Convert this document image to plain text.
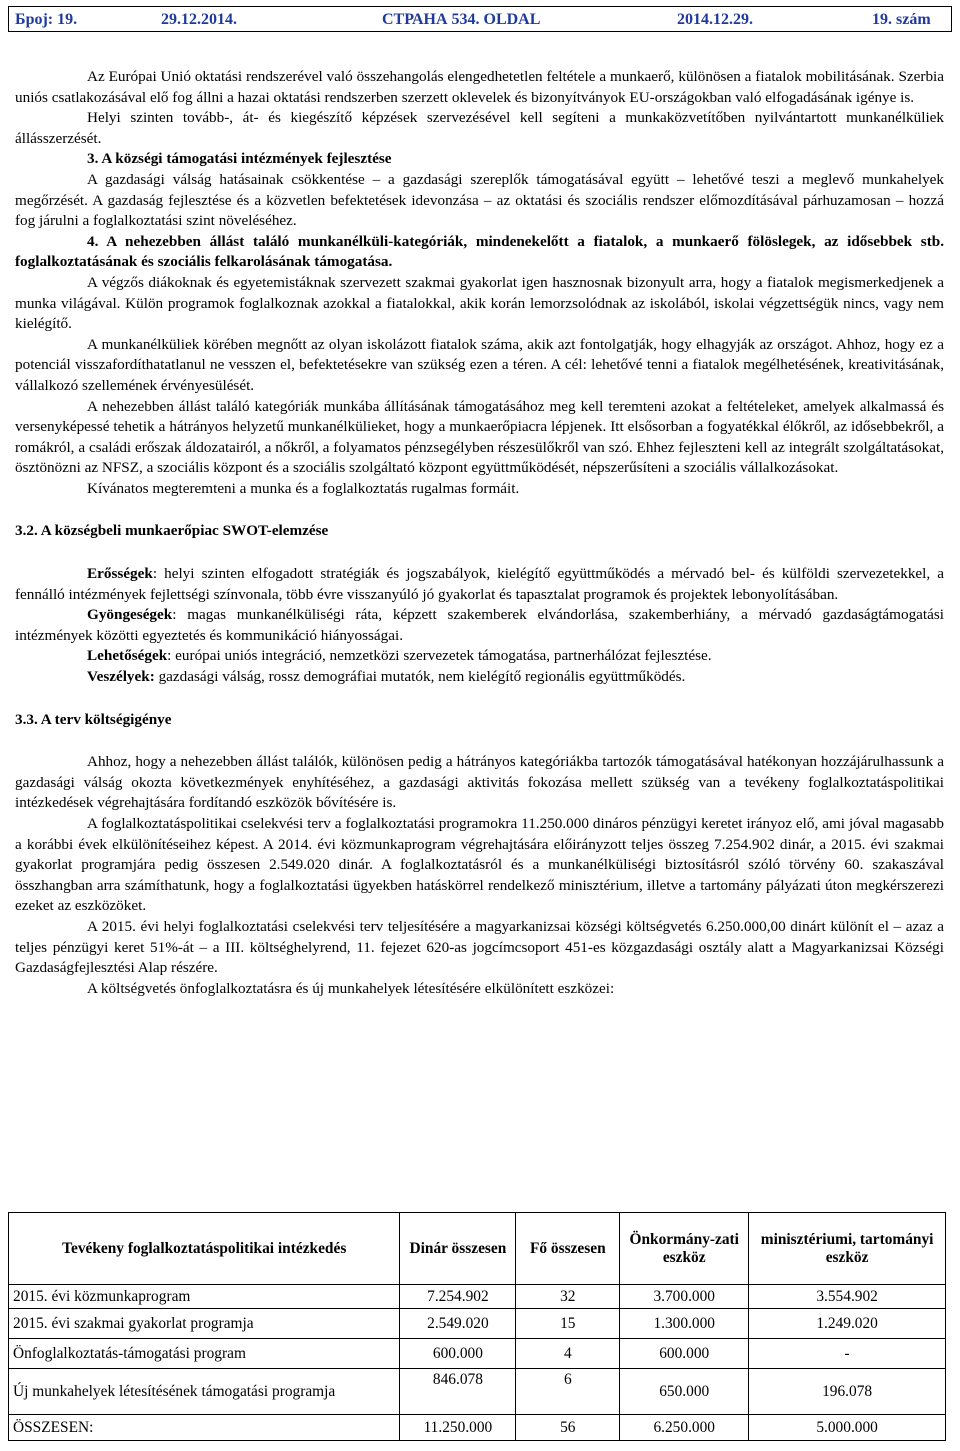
Број: 19.	29.12.2014.	СТРАНА 534. OLDAL	2014.12.29.	19. szám

Az Európai Unió oktatási rendszerével való összehangolás elengedhetetlen feltétele a munkaerő, különösen a fiatalok mobilitásának. Szerbia uniós csatlakozásával elő fog állni a hazai oktatási rendszerben szerzett oklevelek és bizonyítványok EU-országokban való elfogadásának igénye is.

Helyi szinten tovább-, át- és kiegészítő képzések szervezésével kell segíteni a munkaközvetítőben nyilvántartott munkanélküliek állásszerzését.

3. A községi támogatási intézmények fejlesztése

A gazdasági válság hatásainak csökkentése – a gazdasági szereplők támogatásával együtt – lehetővé teszi a meglevő munkahelyek megőrzését. A gazdaság fejlesztése és a közvetlen befektetések idevonzása – az oktatási és szociális rendszer előmozdításával párhuzamosan – hozzá fog járulni a foglalkoztatási szint növeléséhez.

4. A nehezebben állást találó munkanélküli-kategóriák, mindenekelőtt a fiatalok, a munkaerő fölöslegek, az idősebbek stb. foglalkoztatásának és szociális felkarolásának támogatása.

A végzős diákoknak és egyetemistáknak szervezett szakmai gyakorlat igen hasznosnak bizonyult arra, hogy a fiatalok megismerkedjenek a munka világával. Külön programok foglalkoznak azokkal a fiatalokkal, akik korán lemorzsolódnak az iskolából, iskolai végzettségük nincs, vagy nem kielégítő.

A munkanélküliek körében megnőtt az olyan iskolázott fiatalok száma, akik azt fontolgatják, hogy elhagyják az országot. Ahhoz, hogy ez a potenciál visszafordíthatatlanul ne vesszen el, befektetésekre van szükség ezen a téren. A cél: lehetővé tenni a fiatalok megélhetésének, kreativitásának, vállalkozó szellemének érvényesülését.

A nehezebben állást találó kategóriák munkába állításának támogatásához meg kell teremteni azokat a feltételeket, amelyek alkalmassá és versenyképessé tehetik a hátrányos helyzetű munkanélkülieket, hogy a munkaerőpiacra lépjenek. Itt elsősorban a fogyatékkal élőkről, az idősebbekről, a romákról, a családi erőszak áldozatairól, a nőkről, a folyamatos pénzsegélyben részesülőkről van szó. Ehhez fejleszteni kell az integrált szolgáltatásokat, ösztönözni az NFSZ, a szociális központ és a szociális szolgáltató központ együttműködését, népszerűsíteni a szociális vállalkozásokat.

Kívánatos megteremteni a munka és a foglalkoztatás rugalmas formáit.

3.2. A községbeli munkaerőpiac SWOT-elemzése

Erősségek: helyi szinten elfogadott stratégiák és jogszabályok, kielégítő együttműködés a mérvadó bel- és külföldi szervezetekkel, a fennálló intézmények fejlettségi színvonala, több évre visszanyúló jó gyakorlat és tapasztalat programok és projektek lebonyolításában.

Gyöngeségek: magas munkanélküliségi ráta, képzett szakemberek elvándorlása, szakemberhiány, a mérvadó gazdaságtámogatási intézmények közötti egyeztetés és kommunikáció hiányosságai.

Lehetőségek: európai uniós integráció, nemzetközi szervezetek támogatása, partnerhálózat fejlesztése.

Veszélyek: gazdasági válság, rossz demográfiai mutatók, nem kielégítő regionális együttműködés.

3.3. A terv költségigénye

Ahhoz, hogy a nehezebben állást találók, különösen pedig a hátrányos kategóriákba tartozók támogatásával hatékonyan hozzájárulhassunk a gazdasági válság okozta következmények enyhítéséhez, a gazdasági aktivitás fokozása mellett szükség van a tevékeny foglalkoztatáspolitikai intézkedések végrehajtására fordítandó eszközök bővítésére is.

A foglalkoztatáspolitikai cselekvési terv a foglalkoztatási programokra 11.250.000 dináros pénzügyi keretet irányoz elő, ami jóval magasabb a korábbi évek elkülönítéseihez képest. A 2014. évi közmunkaprogram végrehajtására előirányzott teljes összeg 7.254.902 dinár, a 2015. évi szakmai gyakorlat programjára pedig összesen 2.549.020 dinár. A foglalkoztatásról és a munkanélküliségi biztosításról szóló törvény 60. szakaszával összhangban arra számíthatunk, hogy a foglalkoztatási ügyekben hatáskörrel rendelkező minisztérium, illetve a tartomány pályázati úton megkérszerezi ezeket az eszközöket.

A 2015. évi helyi foglalkoztatási cselekvési terv teljesítésére a magyarkanizsai községi költségvetés 6.250.000,00 dinárt különít el – azaz a teljes pénzügyi keret 51%-át – a III. költséghelyrend, 11. fejezet 620-as jogcímcsoport 451-es közgazdasági osztály alatt a Magyarkanizsai Községi Gazdaságfejlesztési Alap részére.

A költségvetés önfoglalkoztatásra és új munkahelyek létesítésére elkülönített eszközei:

Tevékeny foglalkoztatáspolitikai intézkedés	Dinár összesen	Fő összesen	Önkormány-zati eszköz	minisztériumi, tartományi eszköz
2015. évi közmunkaprogram	7.254.902	32	3.700.000	3.554.902
2015. évi szakmai gyakorlat programja	2.549.020	15	1.300.000	1.249.020
Önfoglalkoztatás-támogatási program	600.000	4	600.000	-
Új munkahelyek létesítésének támogatási programja	846.078	6	650.000	196.078
ÖSSZESEN:	11.250.000	56	6.250.000	5.000.000
